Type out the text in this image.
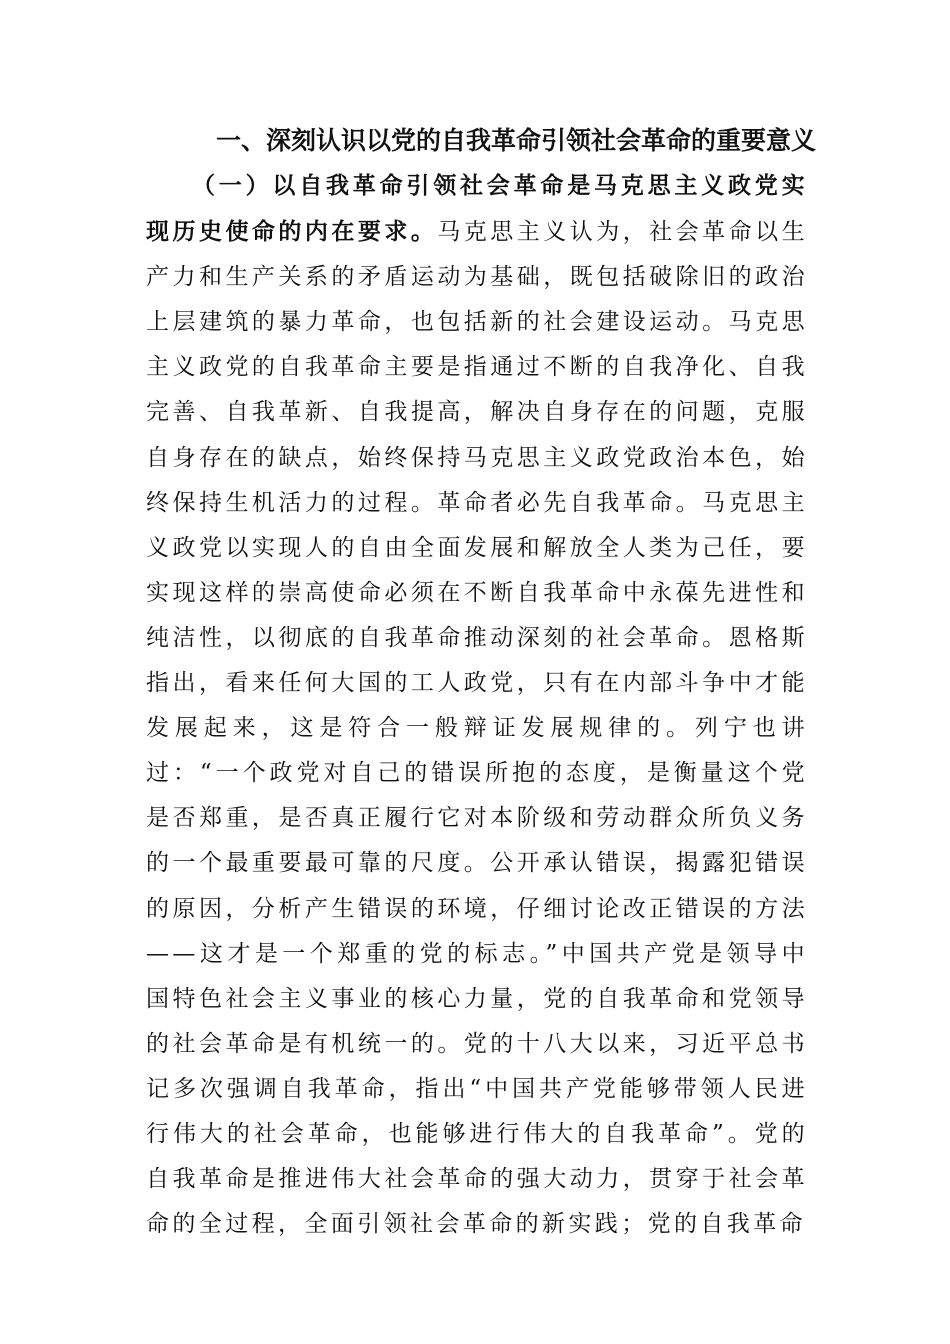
一、深刻认识以党的自我革命引领社会革命的重要意义

（一）以自我革命引领社会革命是马克思主义政党实现历史使命的内在要求。马克思主义认为，社会革命以生产力和生产关系的矛盾运动为基础，既包括破除旧的政治上层建筑的暴力革命，也包括新的社会建设运动。马克思主义政党的自我革命主要是指通过不断的自我净化、自我完善、自我革新、自我提高，解决自身存在的问题，克服自身存在的缺点，始终保持马克思主义政党政治本色，始终保持生机活力的过程。革命者必先自我革命。马克思主义政党以实现人的自由全面发展和解放全人类为己任，要实现这样的崇高使命必须在不断自我革命中永葆先进性和纯洁性，以彻底的自我革命推动深刻的社会革命。恩格斯指出，看来任何大国的工人政党，只有在内部斗争中才能发展起来，这是符合一般辩证发展规律的。列宁也讲过：“一个政党对自己的错误所抱的态度，是衡量这个党是否郑重，是否真正履行它对本阶级和劳动群众所负义务的一个最重要最可靠的尺度。公开承认错误，揭露犯错误的原因，分析产生错误的环境，仔细讨论改正错误的方法——这才是一个郑重的党的标志。”中国共产党是领导中国特色社会主义事业的核心力量，党的自我革命和党领导的社会革命是有机统一的。党的十八大以来，习近平总书记多次强调自我革命，指出“中国共产党能够带领人民进行伟大的社会革命，也能够进行伟大的自我革命”。党的自我革命是推进伟大社会革命的强大动力，贯穿于社会革命的全过程，全面引领社会革命的新实践；党的自我革命
